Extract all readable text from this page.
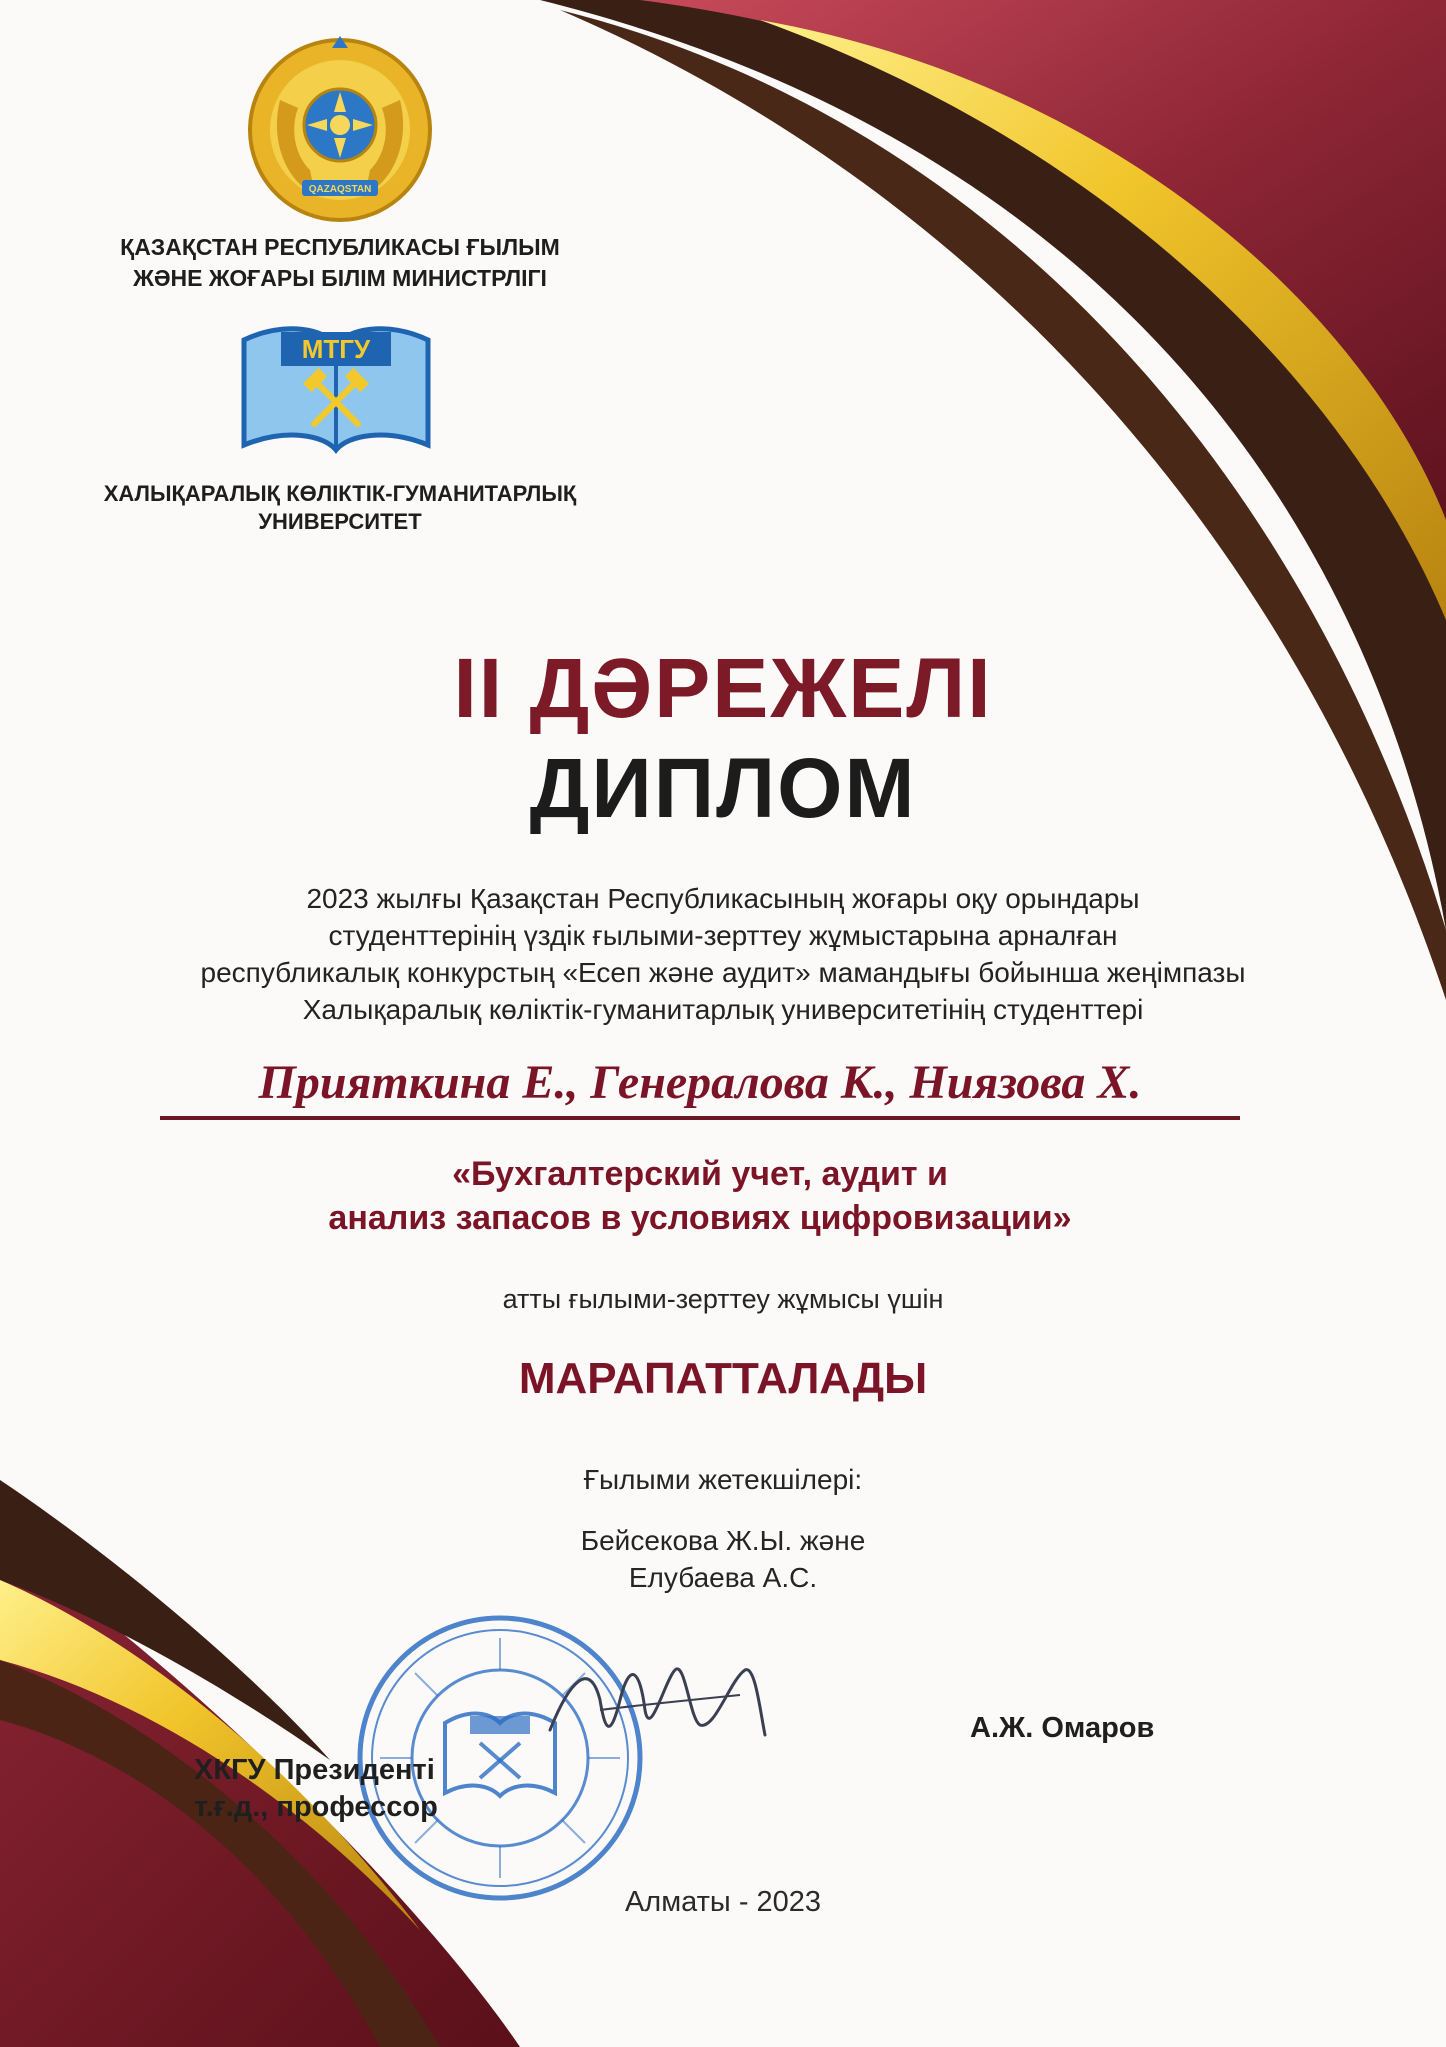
QAZAQSTAN
ҚАЗАҚСТАН РЕСПУБЛИКАСЫ ҒЫЛЫМ
ЖӘНЕ ЖОҒАРЫ БІЛІМ МИНИСТРЛІГІ
МТГУ
ХАЛЫҚАРАЛЫҚ КӨЛІКТІК-ГУМАНИТАРЛЫҚ
УНИВЕРСИТЕТ
II ДӘРЕЖЕЛІ
ДИПЛОМ
2023 жылғы Қазақстан Республикасының жоғары оқу орындары
студенттерінің үздік ғылыми-зерттеу жұмыстарына арналған
республикалық конкурстың «Есеп және аудит» мамандығы бойынша жеңімпазы
Халықаралық көліктік-гуманитарлық университетінің студенттері
Прияткина Е., Генералова К., Ниязова Х.
«Бухгалтерский учет, аудит и
анализ запасов в условиях цифровизации»
атты ғылыми-зерттеу жұмысы үшін
МАРАПАТТАЛАДЫ
Ғылыми жетекшілері:
Бейсекова Ж.Ы. және
Елубаева А.С.
ХКГУ Президенті
т.ғ.д., профессор
А.Ж. Омаров
Алматы - 2023
